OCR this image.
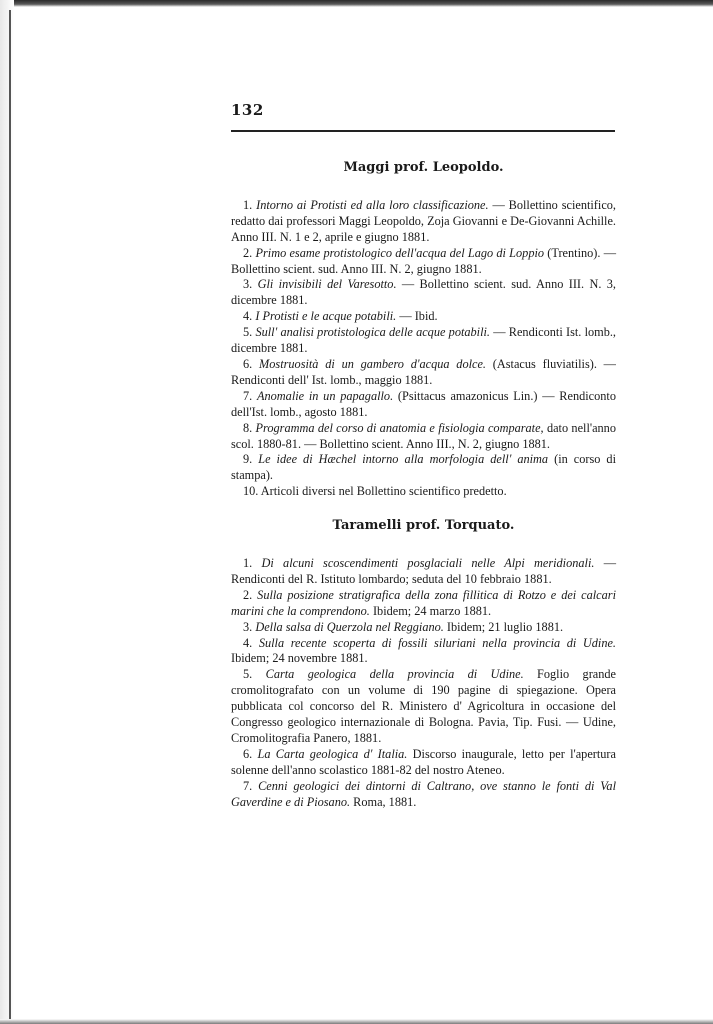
132
Maggi prof. Leopoldo.

1. Intorno ai Protisti ed alla loro classificazione. — Bollettino scientifico, redatto dai professori Maggi Leopoldo, Zoja Giovanni e De-Giovanni Achille. Anno III. N. 1 e 2, aprile e giugno 1881.

2. Primo esame protistologico dell'acqua del Lago di Loppio (Trentino). — Bollettino scient. sud. Anno III. N. 2, giugno 1881.

3. Gli invisibili del Varesotto. — Bollettino scient. sud. Anno III. N. 3, dicembre 1881.

4. I Protisti e le acque potabili. — Ibid.

5. Sull' analisi protistologica delle acque potabili. — Rendiconti Ist. lomb., dicembre 1881.

6. Mostruosità di un gambero d'acqua dolce. (Astacus fluviatilis). — Rendiconti dell' Ist. lomb., maggio 1881.

7. Anomalie in un papagallo. (Psittacus amazonicus Lin.) — Rendiconto dell'Ist. lomb., agosto 1881.

8. Programma del corso di anatomia e fisiologia comparate, dato nell'anno scol. 1880-81. — Bollettino scient. Anno III., N. 2, giugno 1881.

9. Le idee di Hæchel intorno alla morfologia dell' anima (in corso di stampa).

10. Articoli diversi nel Bollettino scientifico predetto.

Taramelli prof. Torquato.

1. Di alcuni scoscendimenti posglaciali nelle Alpi meridionali. — Rendiconti del R. Istituto lombardo; seduta del 10 febbraio 1881.

2. Sulla posizione stratigrafica della zona fillitica di Rotzo e dei calcari marini che la comprendono. Ibidem; 24 marzo 1881.

3. Della salsa di Querzola nel Reggiano. Ibidem; 21 luglio 1881.

4. Sulla recente scoperta di fossili siluriani nella provincia di Udine. Ibidem; 24 novembre 1881.

5. Carta geologica della provincia di Udine. Foglio grande cromolitografato con un volume di 190 pagine di spiegazione. Opera pubblicata col concorso del R. Ministero d' Agricoltura in occasione del Congresso geologico internazionale di Bologna. Pavia, Tip. Fusi. — Udine, Cromolitografia Panero, 1881.

6. La Carta geologica d' Italia. Discorso inaugurale, letto per l'apertura solenne dell'anno scolastico 1881-82 del nostro Ateneo.

7. Cenni geologici dei dintorni di Caltrano, ove stanno le fonti di Val Gaverdine e di Piosano. Roma, 1881.
